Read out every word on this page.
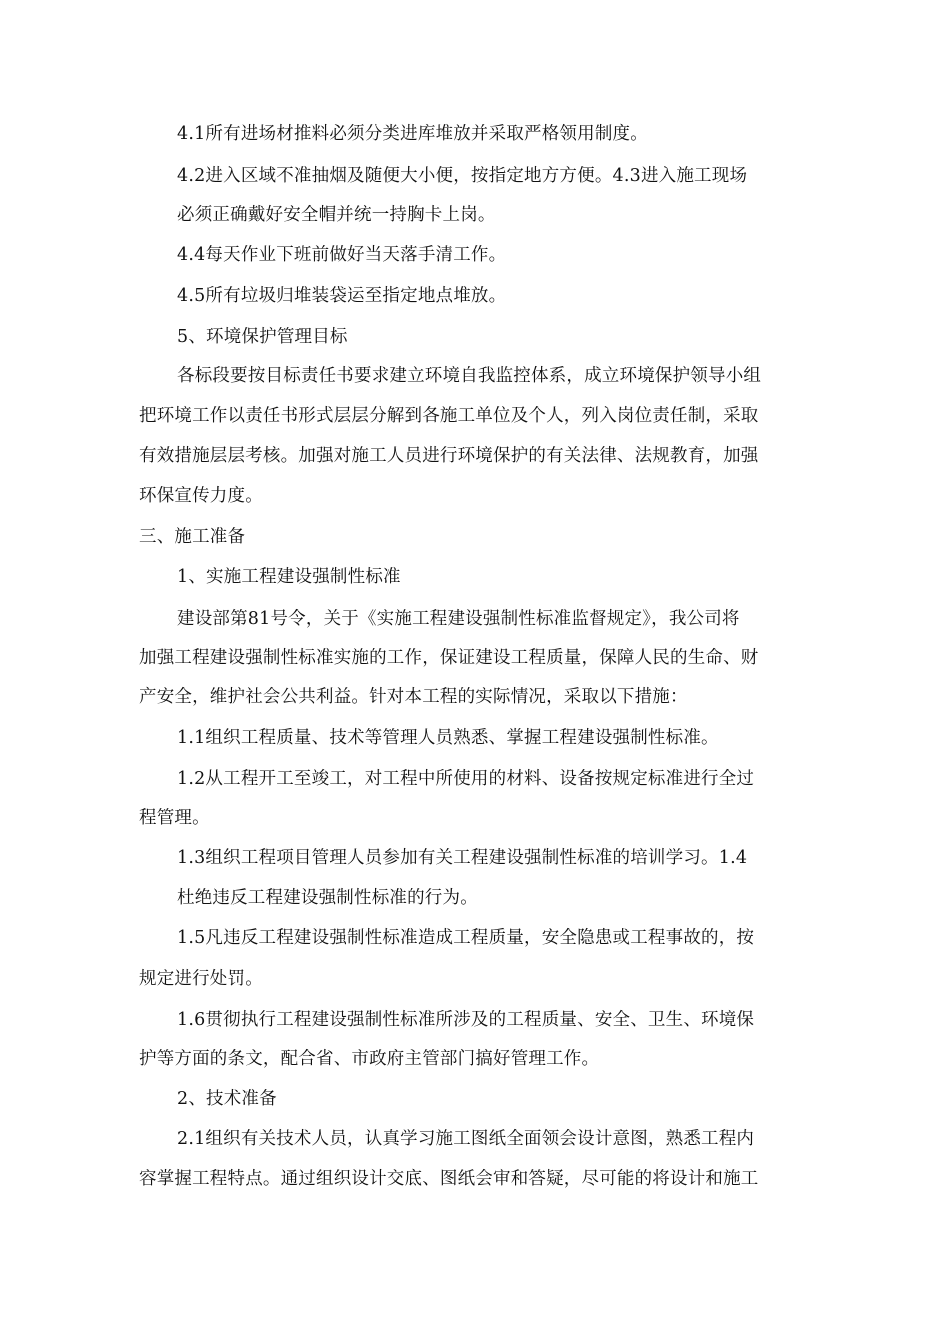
4.1所有进场材推料必须分类进库堆放并采取严格领用制度。
4.2进入区域不准抽烟及随便大小便，按指定地方方便。4.3进入施工现场
必须正确戴好安全帽并统一持胸卡上岗。
4.4每天作业下班前做好当天落手清工作。
4.5所有垃圾归堆装袋运至指定地点堆放。
5、环境保护管理目标
各标段要按目标责任书要求建立环境自我监控体系，成立环境保护领导小组
把环境工作以责任书形式层层分解到各施工单位及个人，列入岗位责任制，采取
有效措施层层考核。加强对施工人员进行环境保护的有关法律、法规教育，加强
环保宣传力度。
三、施工准备
1、实施工程建设强制性标准
建设部第81号令，关于《实施工程建设强制性标准监督规定》，我公司将
加强工程建设强制性标准实施的工作，保证建设工程质量，保障人民的生命、财
产安全，维护社会公共利益。针对本工程的实际情况，采取以下措施：
1.1组织工程质量、技术等管理人员熟悉、掌握工程建设强制性标准。
1.2从工程开工至竣工，对工程中所使用的材料、设备按规定标准进行全过
程管理。
1.3组织工程项目管理人员参加有关工程建设强制性标准的培训学习。1.4
杜绝违反工程建设强制性标准的行为。
1.5凡违反工程建设强制性标准造成工程质量，安全隐患或工程事故的，按
规定进行处罚。
1.6贯彻执行工程建设强制性标准所涉及的工程质量、安全、卫生、环境保
护等方面的条文，配合省、市政府主管部门搞好管理工作。
2、技术准备
2.1组织有关技术人员，认真学习施工图纸全面领会设计意图，熟悉工程内
容掌握工程特点。通过组织设计交底、图纸会审和答疑，尽可能的将设计和施工
